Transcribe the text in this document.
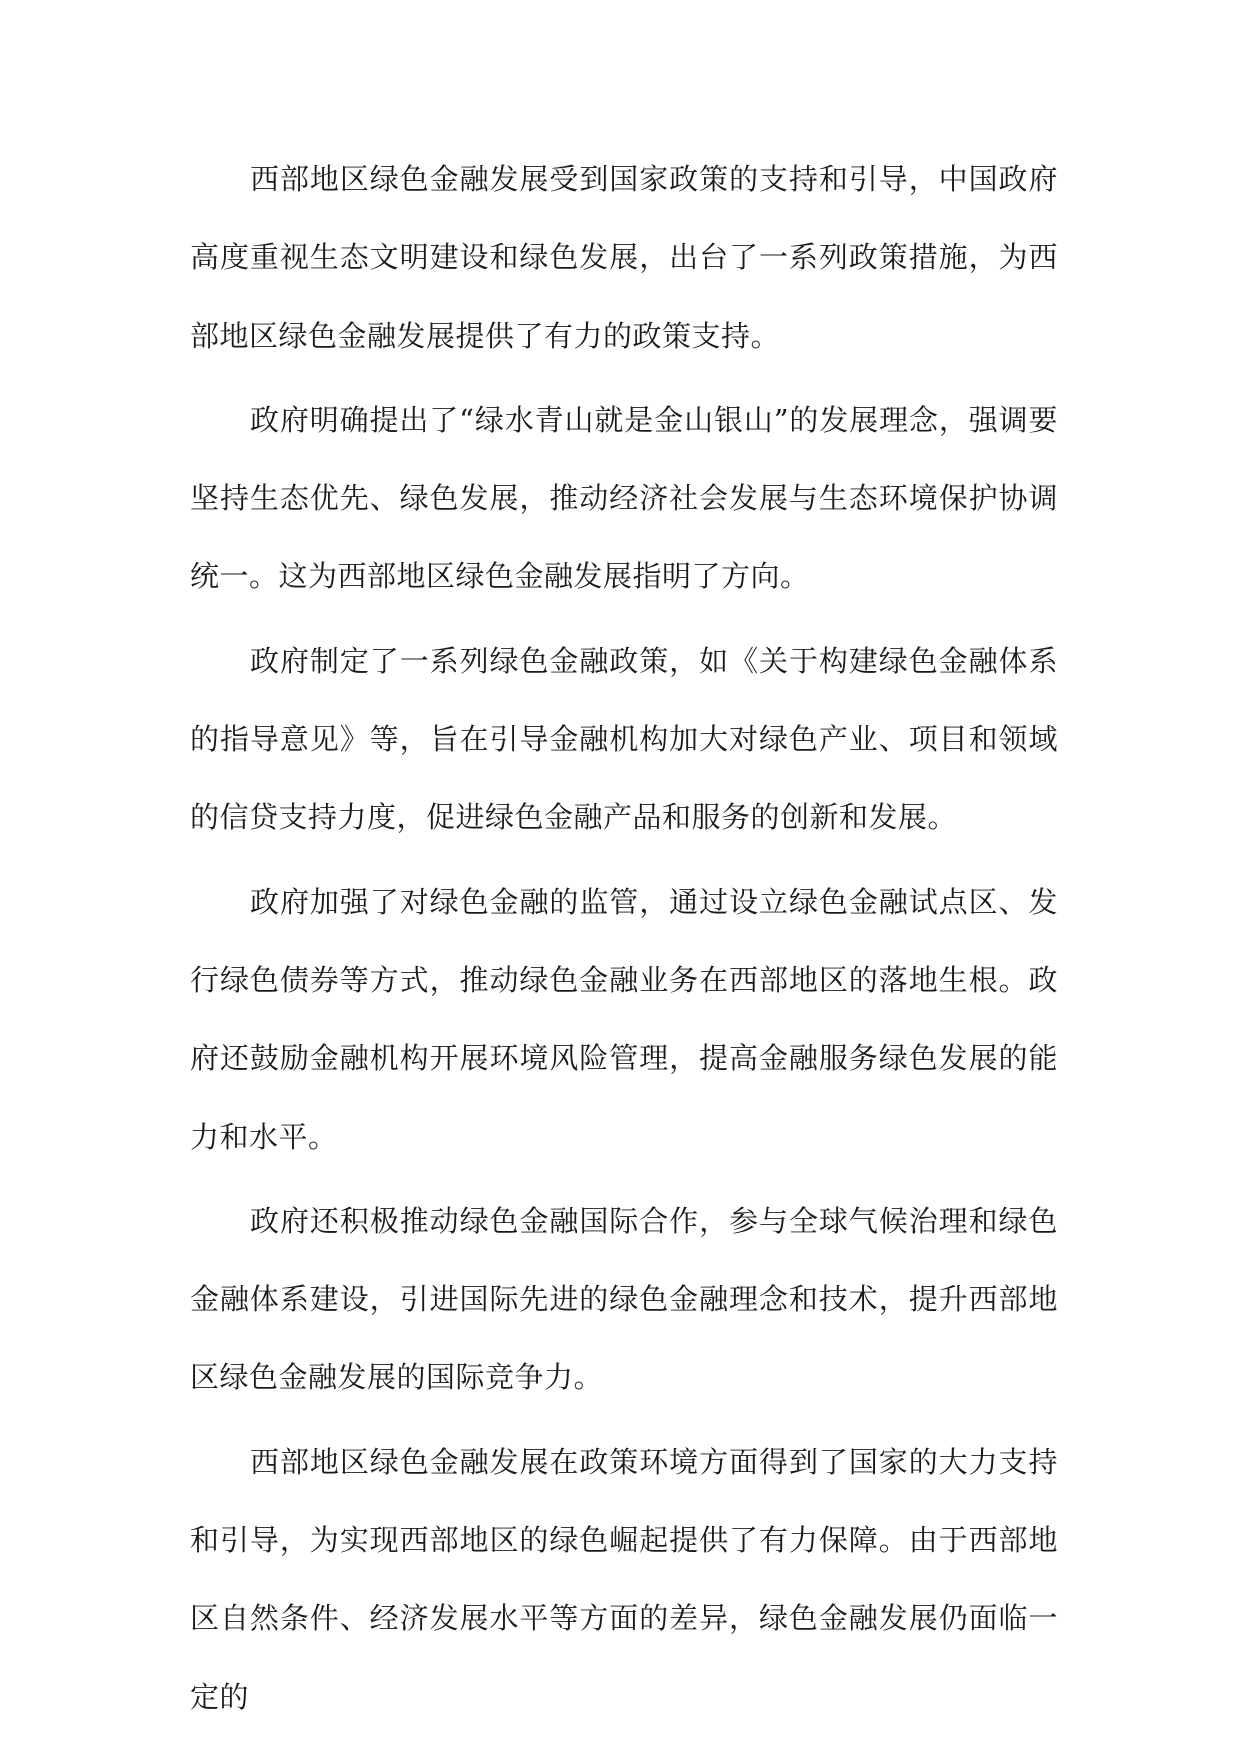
西部地区绿色金融发展受到国家政策的支持和引导，中国政府高度重视生态文明建设和绿色发展，出台了一系列政策措施，为西部地区绿色金融发展提供了有力的政策支持。

政府明确提出了“绿水青山就是金山银山”的发展理念，强调要坚持生态优先、绿色发展，推动经济社会发展与生态环境保护协调统一。这为西部地区绿色金融发展指明了方向。

政府制定了一系列绿色金融政策，如《关于构建绿色金融体系的指导意见》等，旨在引导金融机构加大对绿色产业、项目和领域的信贷支持力度，促进绿色金融产品和服务的创新和发展。

政府加强了对绿色金融的监管，通过设立绿色金融试点区、发行绿色债券等方式，推动绿色金融业务在西部地区的落地生根。政府还鼓励金融机构开展环境风险管理，提高金融服务绿色发展的能力和水平。

政府还积极推动绿色金融国际合作，参与全球气候治理和绿色金融体系建设，引进国际先进的绿色金融理念和技术，提升西部地区绿色金融发展的国际竞争力。

西部地区绿色金融发展在政策环境方面得到了国家的大力支持和引导，为实现西部地区的绿色崛起提供了有力保障。由于西部地区自然条件、经济发展水平等方面的差异，绿色金融发展仍面临一定的
